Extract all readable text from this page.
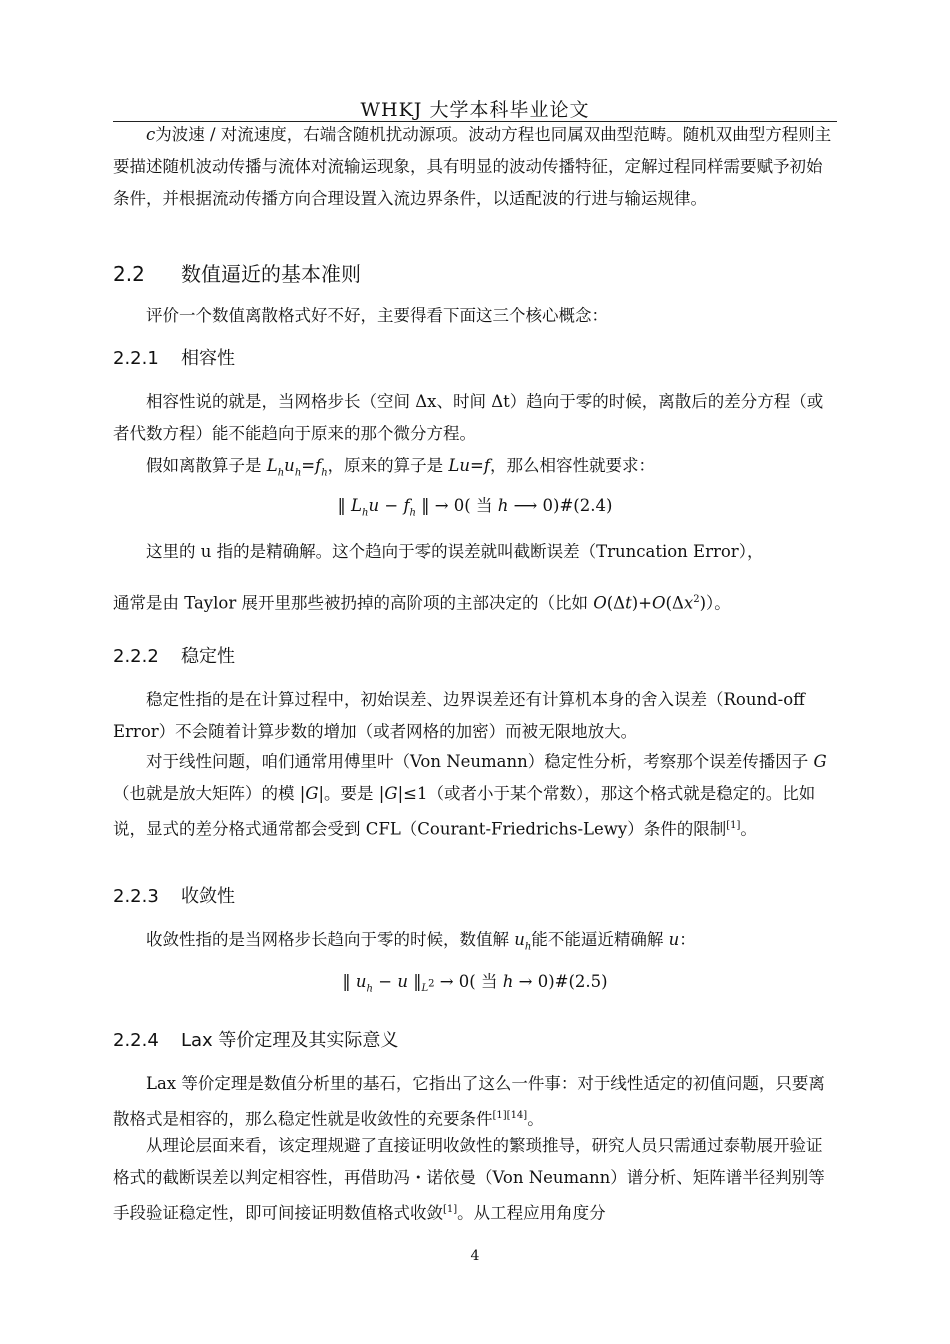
WHKJ 大学本科毕业论文
c为波速 / 对流速度，右端含随机扰动源项。波动方程也同属双曲型范畴。随机双曲型方程则主要描述随机波动传播与流体对流输运现象，具有明显的波动传播特征，定解过程同样需要赋予初始条件，并根据流动传播方向合理设置入流边界条件，以适配波的行进与输运规律。
2.2 数值逼近的基本准则
评价一个数值离散格式好不好，主要得看下面这三个核心概念：
2.2.1 相容性
相容性说的就是，当网格步长（空间 Δx、时间 Δt）趋向于零的时候，离散后的差分方程（或者代数方程）能不能趋向于原来的那个微分方程。
假如离散算子是 $L_hu_h=f_h$，原来的算子是 Lu=f，那么相容性就要求：
‖ $L_hu - f_h$ ‖ → 0( 当 h ⟶ 0)#(2.4)
这里的 u 指的是精确解。这个趋向于零的误差就叫截断误差（Truncation Error），
通常是由 Taylor 展开里那些被扔掉的高阶项的主部决定的（比如 $O(\Delta t)+O(\Delta x^2)$）。
2.2.2 稳定性
稳定性指的是在计算过程中，初始误差、边界误差还有计算机本身的舍入误差（Round-off Error）不会随着计算步数的增加（或者网格的加密）而被无限地放大。
对于线性问题，咱们通常用傅里叶（Von Neumann）稳定性分析，考察那个误差传播因子 G（也就是放大矩阵）的模 |G|。要是 |G|≤1（或者小于某个常数），那这个格式就是稳定的。比如说，显式的差分格式通常都会受到 CFL（Courant-Friedrichs-Lewy）条件的限制[1]。
2.2.3 收敛性
收敛性指的是当网格步长趋向于零的时候，数值解 $u_h$能不能逼近精确解 u：
‖ $u_h - u$ $‖_{L^2} \to 0$( 当 h → 0)#(2.5)
2.2.4 Lax 等价定理及其实际意义
Lax 等价定理是数值分析里的基石，它指出了这么一件事：对于线性适定的初值问题，只要离散格式是相容的，那么稳定性就是收敛性的充要条件[1][14]。
从理论层面来看，该定理规避了直接证明收敛性的繁琐推导，研究人员只需通过泰勒展开验证格式的截断误差以判定相容性，再借助冯・诺依曼（Von Neumann）谱分析、矩阵谱半径判别等手段验证稳定性，即可间接证明数值格式收敛[1]。从工程应用角度分
4
